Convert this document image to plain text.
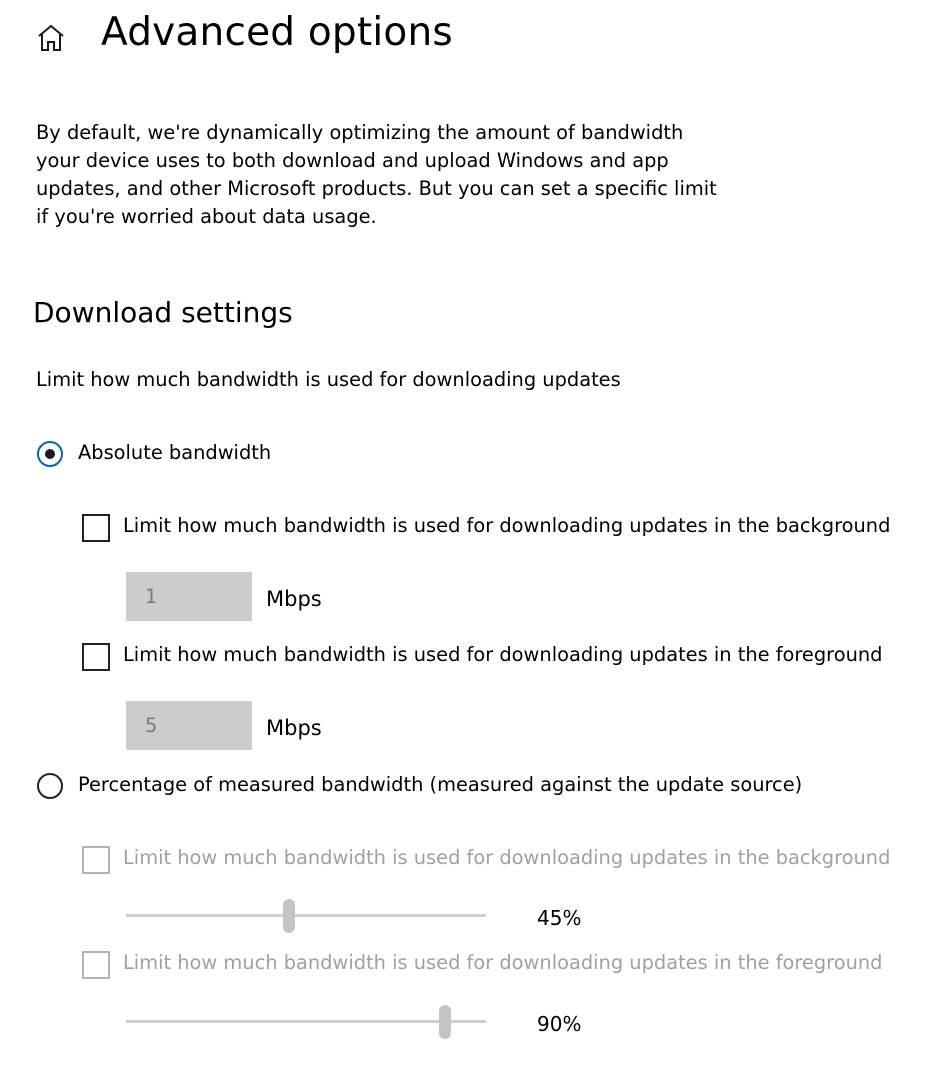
Advanced options
By default, we're dynamically optimizing the amount of bandwidth your device uses to both download and upload Windows and app updates, and other Microsoft products. But you can set a specific limit if you're worried about data usage.
Download settings
Limit how much bandwidth is used for downloading updates
Absolute bandwidth
Limit how much bandwidth is used for downloading updates in the background
1
Mbps
Limit how much bandwidth is used for downloading updates in the foreground
5
Mbps
Percentage of measured bandwidth (measured against the update source)
Limit how much bandwidth is used for downloading updates in the background
45%
Limit how much bandwidth is used for downloading updates in the foreground
90%
